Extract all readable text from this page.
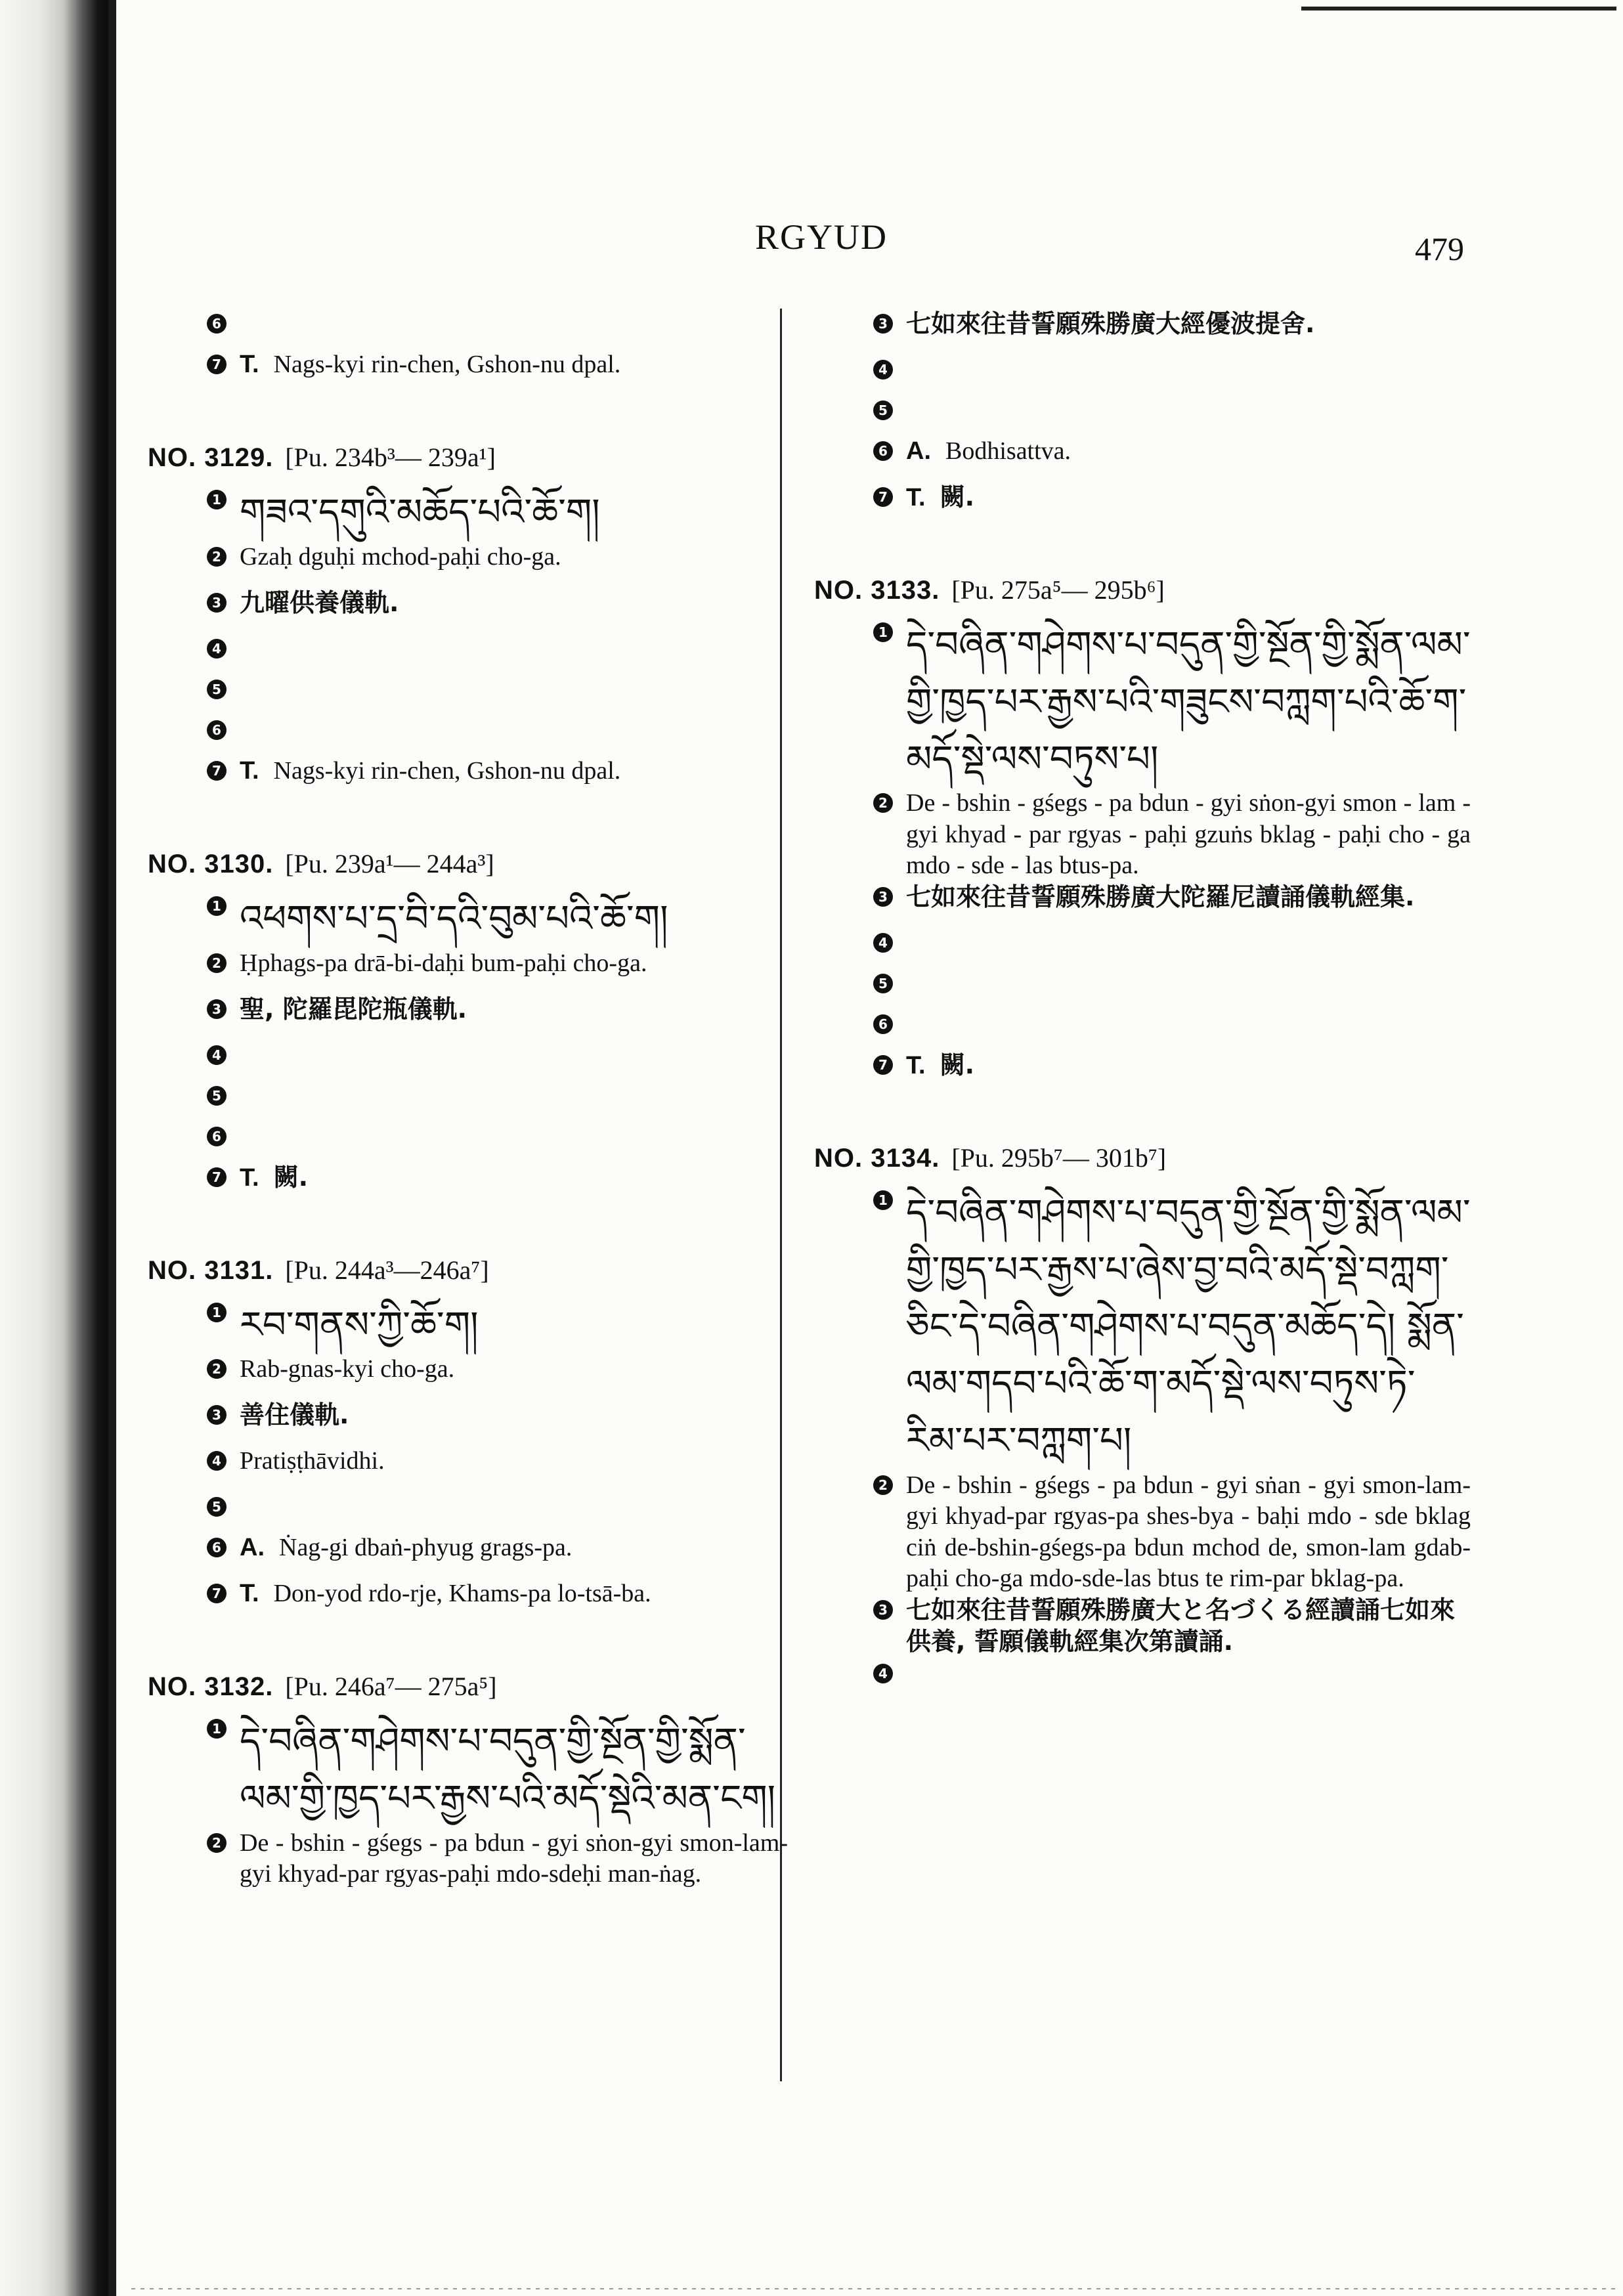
RGYUD	479
6
7 T. Nags-kyi rin-chen, Gshon-nu dpal.
NO. 3129. [Pu. 234b³— 239a¹]
1 གཟའ་དགུའི་མཆོད་པའི་ཆོ་ག།
2 Gzaḥ dguḥi mchod-paḥi cho-ga.
3 九曜供養儀軌.
4
5
6
7 T. Nags-kyi rin-chen, Gshon-nu dpal.
NO. 3130. [Pu. 239a¹— 244a³]
1 འཕགས་པ་དྲ་བི་དའི་བུམ་པའི་ཆོ་ག།
2 Ḥphags-pa drā-bi-daḥi bum-paḥi cho-ga.
3 聖, 陀羅毘陀瓶儀軌.
4
5
6
7 T. 闕.
NO. 3131. [Pu. 244a³—246a⁷]
1 རབ་གནས་ཀྱི་ཆོ་ག།
2 Rab-gnas-kyi cho-ga.
3 善住儀軌.
4 Pratiṣṭhāvidhi.
5
6 A. Ṅag-gi dbaṅ-phyug grags-pa.
7 T. Don-yod rdo-rje, Khams-pa lo-tsā-ba.
NO. 3132. [Pu. 246a⁷— 275a⁵]
1 དེ་བཞིན་གཤེགས་པ་བདུན་གྱི་སྔོན་གྱི་སྨོན་ལམ་གྱི་ཁྱད་པར་རྒྱས་པའི་མདོ་སྡེའི་མན་ངག།
2 De - bshin - gśegs - pa bdun - gyi sṅon-gyi smon-lam-gyi khyad-par rgyas-paḥi mdo-sdeḥi man-ṅag.
3 七如來往昔誓願殊勝廣大經優波提舍.
4
5
6 A. Bodhisattva.
7 T. 闕.
NO. 3133. [Pu. 275a⁵— 295b⁶]
1 དེ་བཞིན་གཤེགས་པ་བདུན་གྱི་སྔོན་གྱི་སྨོན་ལམ་གྱི་ཁྱད་པར་རྒྱས་པའི་གཟུངས་བཀླག་པའི་ཆོ་ག་མདོ་སྡེ་ལས་བཏུས་པ།
2 De - bshin - gśegs - pa bdun - gyi sṅon-gyi smon - lam - gyi khyad - par rgyas - paḥi gzuṅs bklag - paḥi cho - ga mdo - sde - las btus-pa.
3 七如來往昔誓願殊勝廣大陀羅尼讀誦儀軌經集.
4
5
6
7 T. 闕.
NO. 3134. [Pu. 295b⁷— 301b⁷]
1 དེ་བཞིན་གཤེགས་པ་བདུན་གྱི་སྔོན་གྱི་སྨོན་ལམ་གྱི་ཁྱད་པར་རྒྱས་པ་ཞེས་བྱ་བའི་མདོ་སྡེ་བཀླག་ཅིང་དེ་བཞིན་གཤེགས་པ་བདུན་མཆོད་དེ། སྨོན་ལམ་གདབ་པའི་ཆོ་ག་མདོ་སྡེ་ལས་བཏུས་ཏེ་རིམ་པར་བཀླག་པ།
2 De - bshin - gśegs - pa bdun - gyi sṅan - gyi smon-lam-gyi khyad-par rgyas-pa shes-bya - baḥi mdo - sde bklag ciṅ de-bshin-gśegs-pa bdun mchod de, smon-lam gdab-paḥi cho-ga mdo-sde-las btus te rim-par bklag-pa.
3 七如來往昔誓願殊勝廣大と名づくる經讀誦七如來供養, 誓願儀軌經集次第讀誦.
4
